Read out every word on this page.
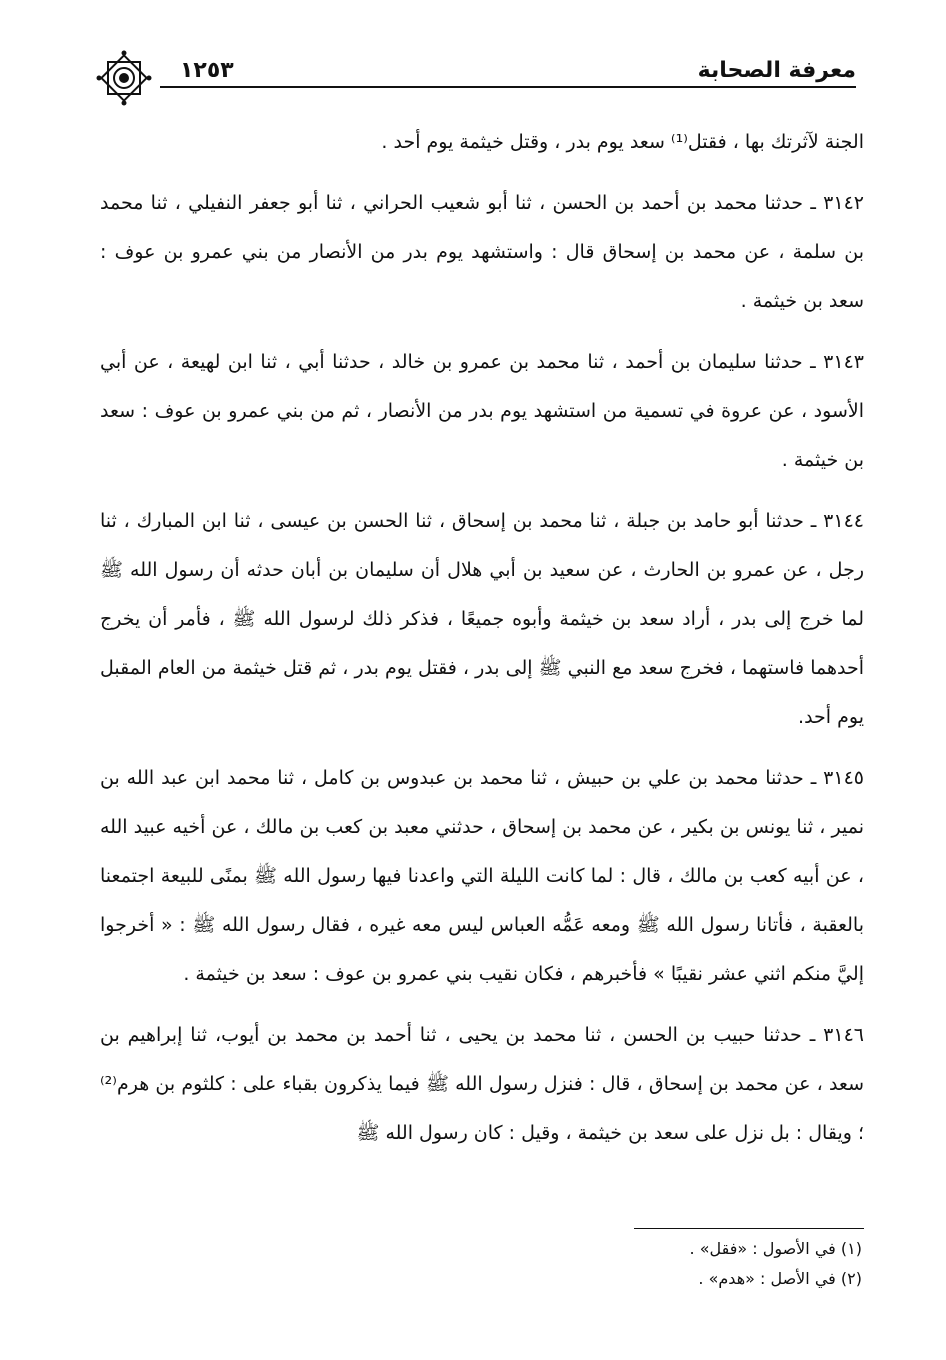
معرفة الصحابة
١٢٥٣

الجنة لآثرتك بها ، فقتل⁽¹⁾ سعد يوم بدر ، وقتل خيثمة يوم أحد .

٣١٤٢ ـ حدثنا محمد بن أحمد بن الحسن ، ثنا أبو شعيب الحراني ، ثنا أبو جعفر النفيلي ، ثنا محمد بن سلمة ، عن محمد بن إسحاق قال : واستشهد يوم بدر من الأنصار من بني عمرو بن عوف : سعد بن خيثمة .

٣١٤٣ ـ حدثنا سليمان بن أحمد ، ثنا محمد بن عمرو بن خالد ، حدثنا أبي ، ثنا ابن لهيعة ، عن أبي الأسود ، عن عروة في تسمية من استشهد يوم بدر من الأنصار ، ثم من بني عمرو بن عوف : سعد بن خيثمة .

٣١٤٤ ـ حدثنا أبو حامد بن جبلة ، ثنا محمد بن إسحاق ، ثنا الحسن بن عيسى ، ثنا ابن المبارك ، ثنا رجل ، عن عمرو بن الحارث ، عن سعيد بن أبي هلال أن سليمان بن أبان حدثه أن رسول الله ﷺ لما خرج إلى بدر ، أراد سعد بن خيثمة وأبوه جميعًا ، فذكر ذلك لرسول الله ﷺ ، فأمر أن يخرج أحدهما فاستهما ، فخرج سعد مع النبي ﷺ إلى بدر ، فقتل يوم بدر ، ثم قتل خيثمة من العام المقبل يوم أحد.

٣١٤٥ ـ حدثنا محمد بن علي بن حبيش ، ثنا محمد بن عبدوس بن كامل ، ثنا محمد ابن عبد الله بن نمير ، ثنا يونس بن بكير ، عن محمد بن إسحاق ، حدثني معبد بن كعب بن مالك ، عن أخيه عبيد الله ، عن أبيه كعب بن مالك ، قال : لما كانت الليلة التي واعدنا فيها رسول الله ﷺ بمنًى للبيعة اجتمعنا بالعقبة ، فأتانا رسول الله ﷺ ومعه عَمُّه العباس ليس معه غيره ، فقال رسول الله ﷺ : « أخرجوا إليَّ منكم اثني عشر نقيبًا » فأخبرهم ، فكان نقيب بني عمرو بن عوف : سعد بن خيثمة .

٣١٤٦ ـ حدثنا حبيب بن الحسن ، ثنا محمد بن يحيى ، ثنا أحمد بن محمد بن أيوب، ثنا إبراهيم بن سعد ، عن محمد بن إسحاق ، قال : فنزل رسول الله ﷺ فيما يذكرون بقباء على : كلثوم بن هرم⁽²⁾ ؛ ويقال : بل نزل على سعد بن خيثمة ، وقيل : كان رسول الله ﷺ

(١) في الأصول : «فقل» .
(٢) في الأصل : «هدم» .
